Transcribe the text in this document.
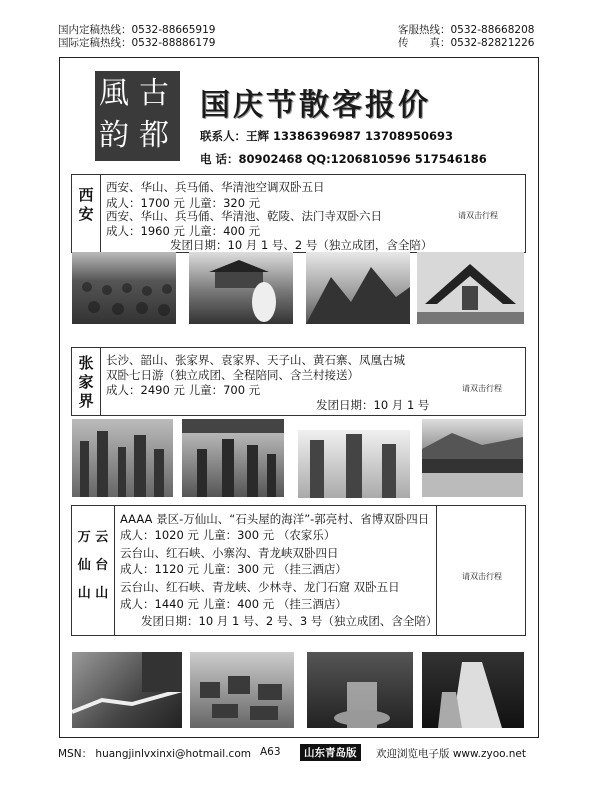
国内定稿热线：0532-88665919
国际定稿热线：0532-88886179
客服热线：0532-88668208
传　　真：0532-82821226
風 古
韵 都
国庆节散客报价
联系人：王辉 13386396987 13708950693
电 话：80902468 QQ:1206810596 517546186
西
安
西安、华山、兵马俑、华清池空调双卧五日
成人：1700 元 儿童：320 元
西安、华山、兵马俑、华清池、乾陵、法门寺双卧六日
成人：1960 元 儿童：400 元
发团日期：10 月 1 号、2 号（独立成团，含全陪）
请双击行程
张
家
界
长沙、韶山、张家界、袁家界、天子山、黄石寨、凤凰古城
双卧七日游（独立成团、全程陪同、含兰村接送）
成人：2490 元 儿童：700 元
发团日期：10 月 1 号
请双击行程
万 云
仙 台
山 山
AAAA 景区-万仙山、“石头屋的海洋”-郭亮村、省博双卧四日
成人：1020 元 儿童：300 元 （农家乐）
云台山、红石峡、小寨沟、青龙峡双卧四日
成人：1120 元 儿童：300 元 （挂三酒店）
云台山、红石峡、青龙峡、少林寺、龙门石窟 双卧五日
成人：1440 元 儿童：400 元 （挂三酒店）
发团日期：10 月 1 号、2 号、3 号（独立成团、含全陪）
请双击行程
MSN： huangjinlvxinxi@hotmail.com A63	山东青岛版	欢迎浏览电子版 www.zyoo.net
